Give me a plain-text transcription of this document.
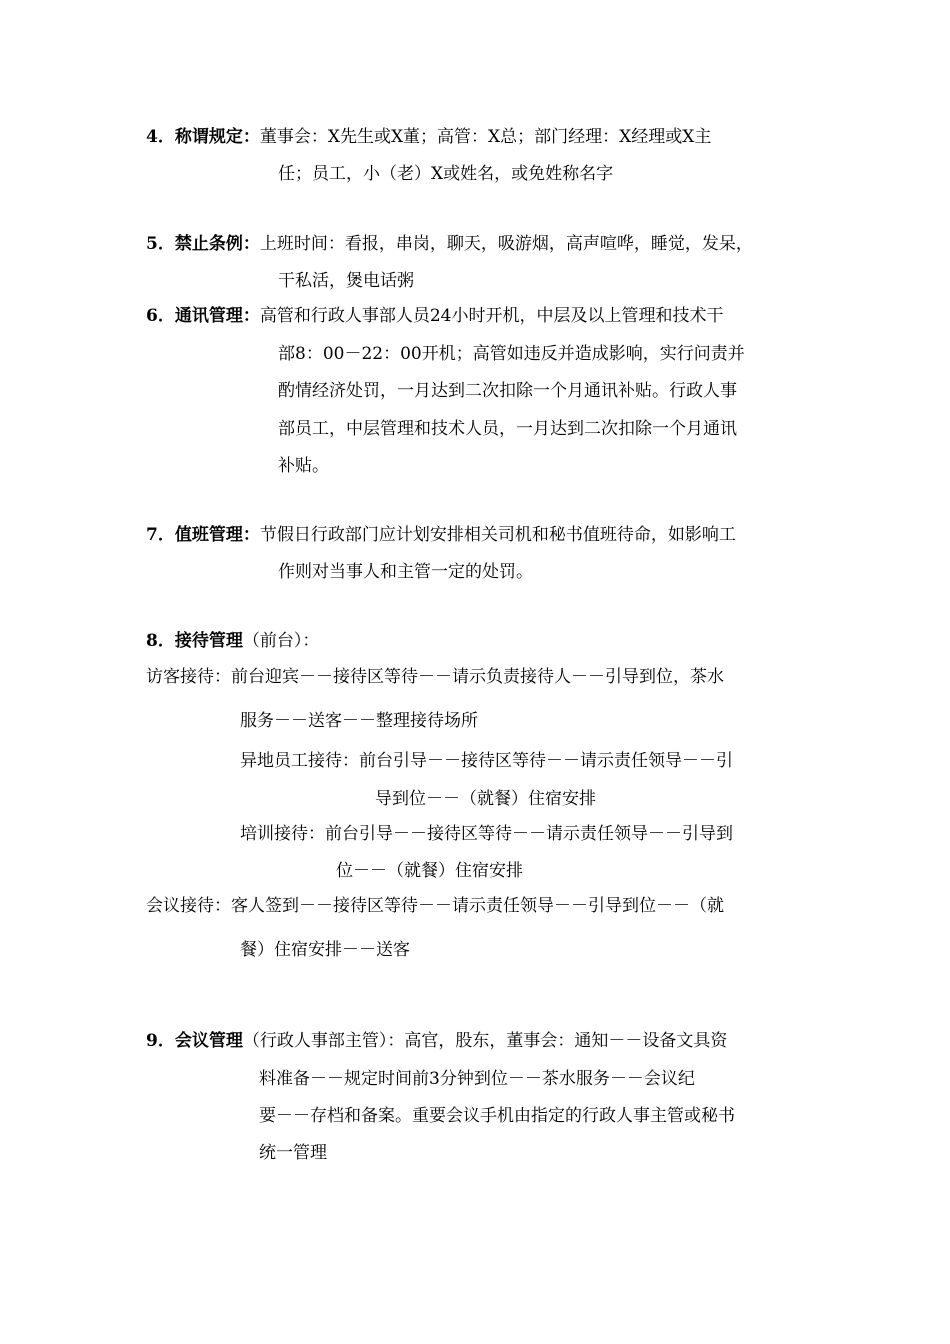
4．称谓规定：董事会：X先生或X董；高管：X总；部门经理：X经理或X主
任；员工，小（老）X或姓名，或免姓称名字
5．禁止条例：上班时间：看报，串岗，聊天，吸游烟，高声喧哗，睡觉，发呆，
干私活，煲电话粥
6．通讯管理：高管和行政人事部人员24小时开机，中层及以上管理和技术干
部8：00－22：00开机；高管如违反并造成影响，实行问责并
酌情经济处罚，一月达到二次扣除一个月通讯补贴。行政人事
部员工，中层管理和技术人员，一月达到二次扣除一个月通讯
补贴。
7．值班管理：节假日行政部门应计划安排相关司机和秘书值班待命，如影响工
作则对当事人和主管一定的处罚。
8．接待管理（前台）：
访客接待：前台迎宾－－接待区等待－－请示负责接待人－－引导到位，茶水
服务－－送客－－整理接待场所
异地员工接待：前台引导－－接待区等待－－请示责任领导－－引
导到位－－（就餐）住宿安排
培训接待：前台引导－－接待区等待－－请示责任领导－－引导到
位－－（就餐）住宿安排
会议接待：客人签到－－接待区等待－－请示责任领导－－引导到位－－（就
餐）住宿安排－－送客
9．会议管理（行政人事部主管）：高官，股东，董事会：通知－－设备文具资
料准备－－规定时间前3分钟到位－－茶水服务－－会议纪
要－－存档和备案。重要会议手机由指定的行政人事主管或秘书
统一管理
